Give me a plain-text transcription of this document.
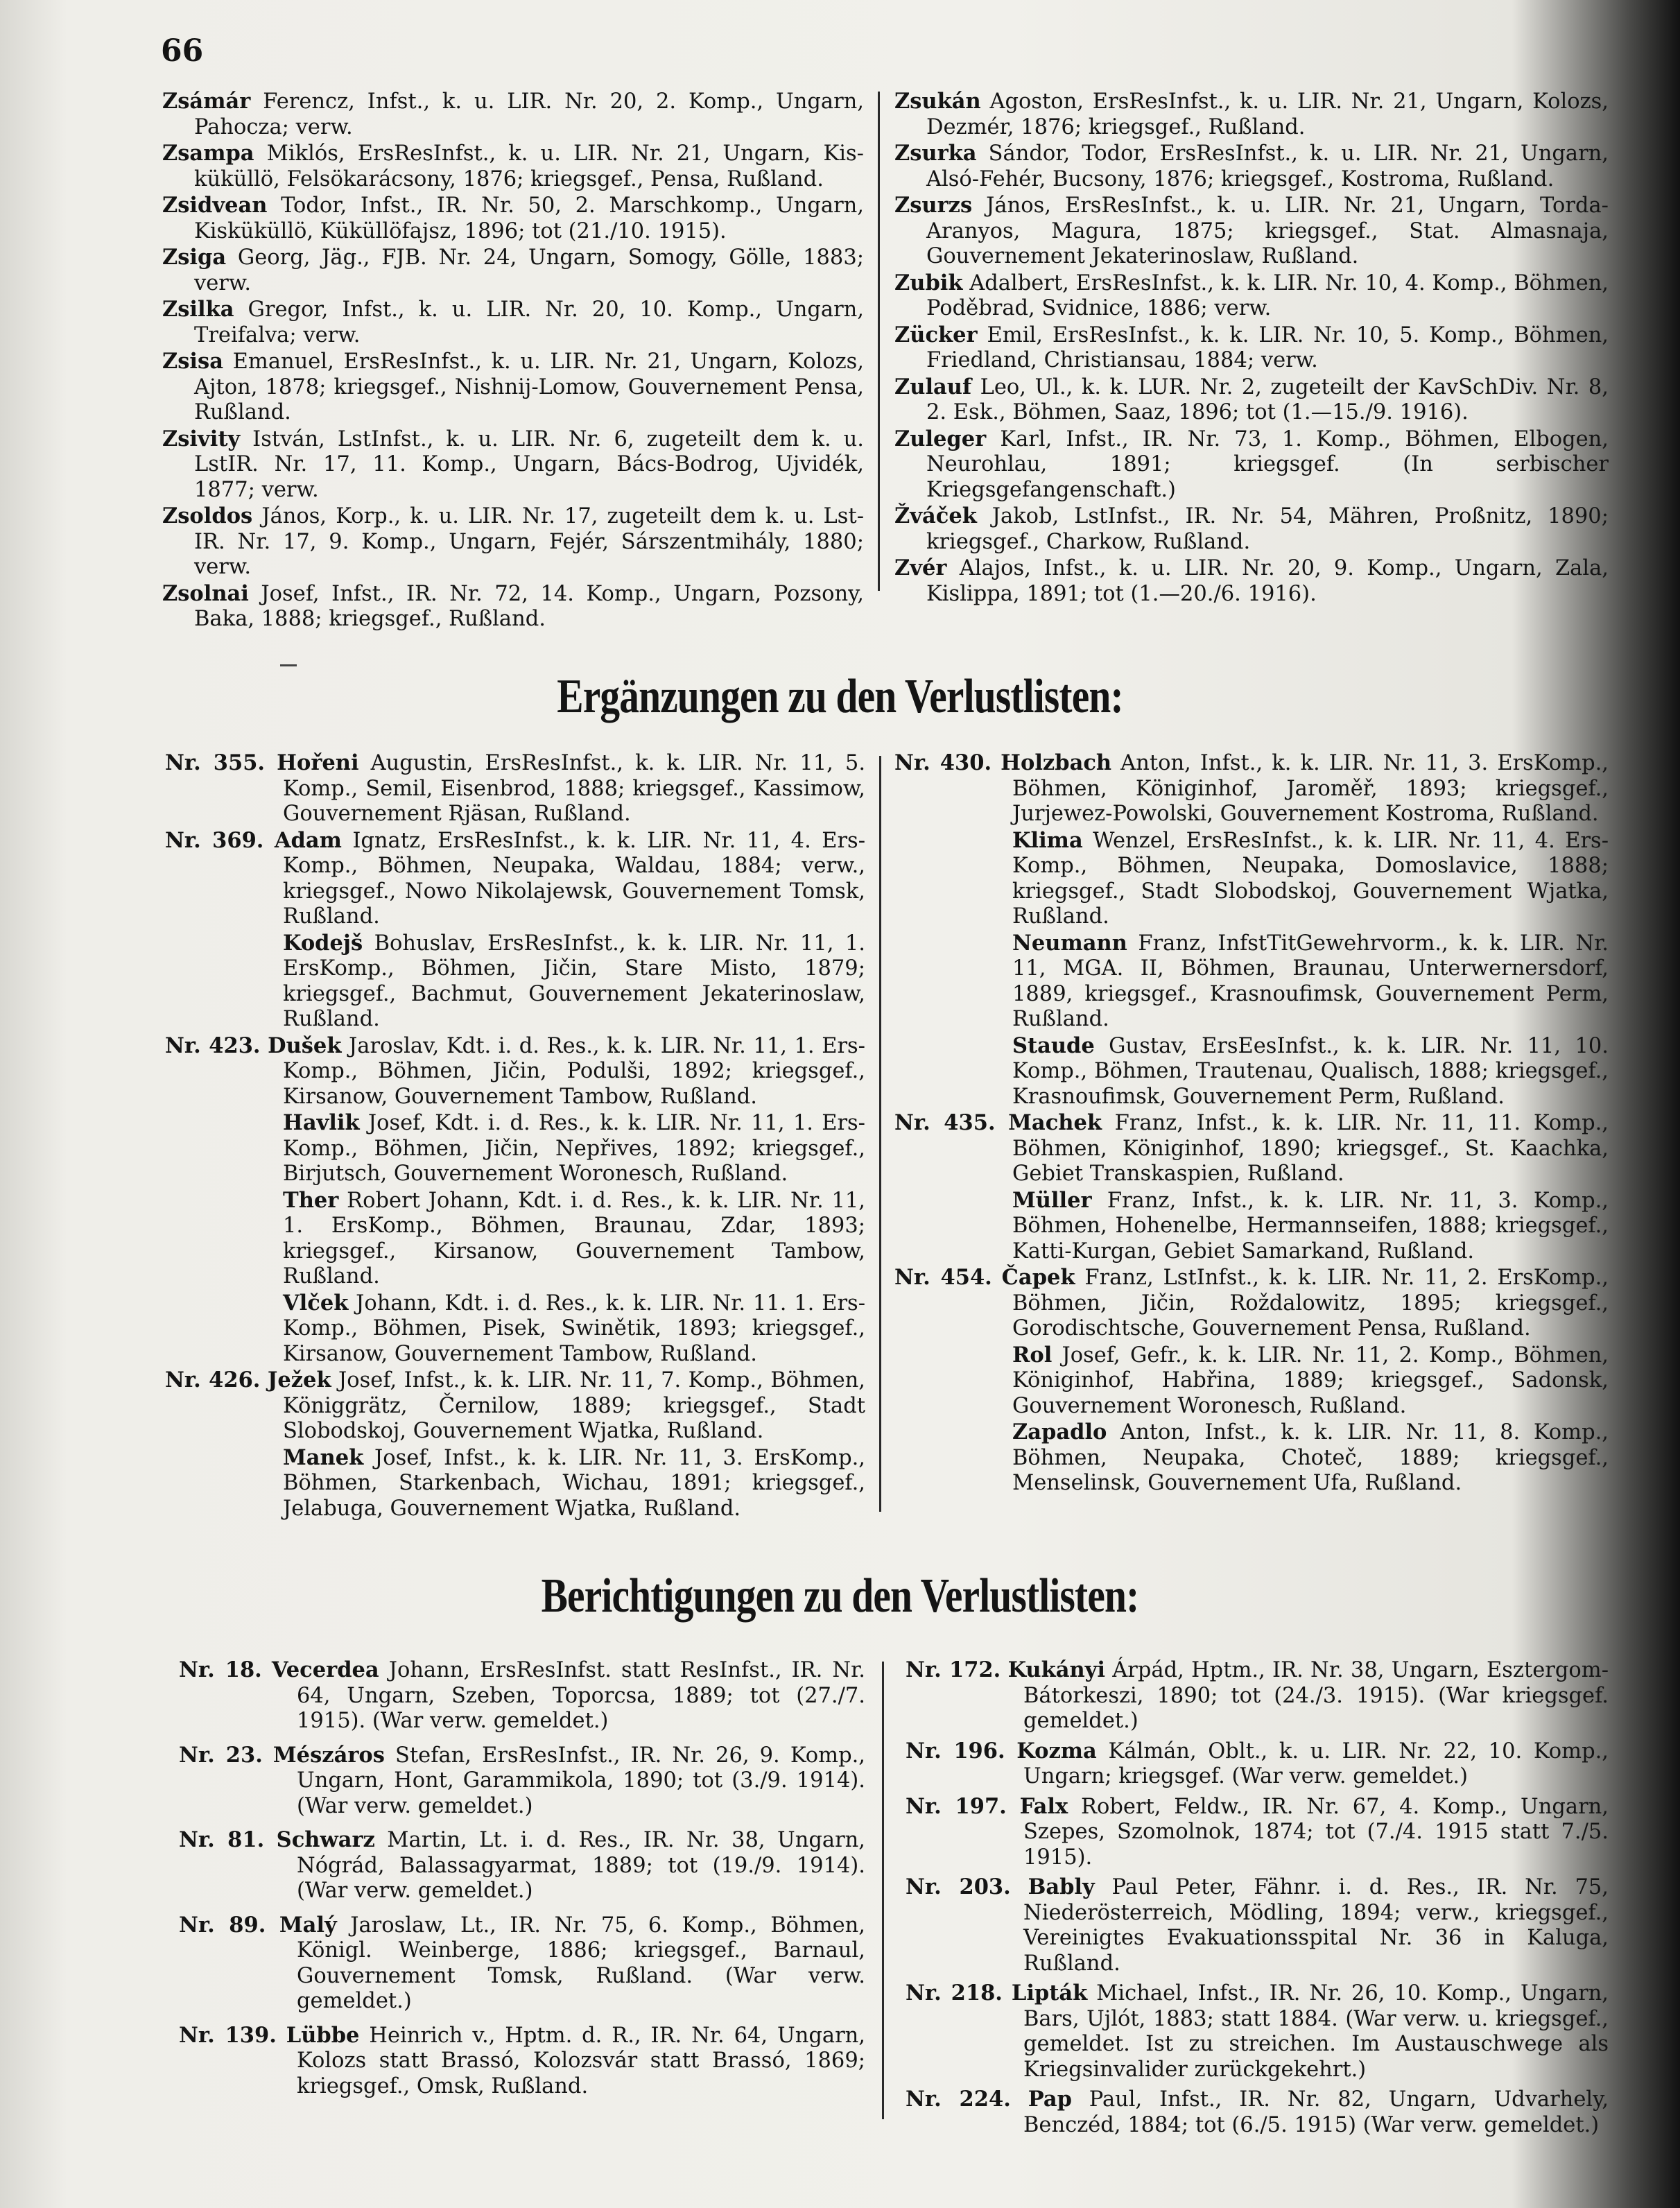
66
Zsámár Ferencz, Infst., k. u. LIR. Nr. 20, 2. Komp., Ungarn, Pahocza; verw.
Zsampa Miklós, ErsResInfst., k. u. LIR. Nr. 21, Ungarn, Kis-küküllö, Felsökarácsony, 1876; kriegsgef., Pensa, Rußland.
Zsidvean Todor, Infst., IR. Nr. 50, 2. Marschkomp., Ungarn, Kisküküllö, Küküllöfajsz, 1896; tot (21./10. 1915).
Zsiga Georg, Jäg., FJB. Nr. 24, Ungarn, Somogy, Gölle, 1883; verw.
Zsilka Gregor, Infst., k. u. LIR. Nr. 20, 10. Komp., Ungarn, Treifalva; verw.
Zsisa Emanuel, ErsResInfst., k. u. LIR. Nr. 21, Ungarn, Kolozs, Ajton, 1878; kriegsgef., Nishnij-Lomow, Gouvernement Pensa, Rußland.
Zsivity István, LstInfst., k. u. LIR. Nr. 6, zugeteilt dem k. u. LstIR. Nr. 17, 11. Komp., Ungarn, Bács-Bodrog, Ujvidék, 1877; verw.
Zsoldos János, Korp., k. u. LIR. Nr. 17, zugeteilt dem k. u. Lst-IR. Nr. 17, 9. Komp., Ungarn, Fejér, Sárszentmihály, 1880; verw.
Zsolnai Josef, Infst., IR. Nr. 72, 14. Komp., Ungarn, Pozsony, Baka, 1888; kriegsgef., Rußland.
Zsukán Agoston, ErsResInfst., k. u. LIR. Nr. 21, Ungarn, Kolozs, Dezmér, 1876; kriegsgef., Rußland.
Zsurka Sándor, Todor, ErsResInfst., k. u. LIR. Nr. 21, Ungarn, Alsó-Fehér, Bucsony, 1876; kriegsgef., Kostroma, Rußland.
Zsurzs János, ErsResInfst., k. u. LIR. Nr. 21, Ungarn, Torda-Aranyos, Magura, 1875; kriegsgef., Stat. Almasnaja, Gouvernement Jekaterinoslaw, Rußland.
Zubik Adalbert, ErsResInfst., k. k. LIR. Nr. 10, 4. Komp., Böhmen, Poděbrad, Svidnice, 1886; verw.
Zücker Emil, ErsResInfst., k. k. LIR. Nr. 10, 5. Komp., Böhmen, Friedland, Christiansau, 1884; verw.
Zulauf Leo, Ul., k. k. LUR. Nr. 2, zugeteilt der KavSchDiv. Nr. 8, 2. Esk., Böhmen, Saaz, 1896; tot (1.—15./9. 1916).
Zuleger Karl, Infst., IR. Nr. 73, 1. Komp., Böhmen, Elbogen, Neurohlau, 1891; kriegsgef. (In serbischer Kriegsgefangenschaft.)
Žváček Jakob, LstInfst., IR. Nr. 54, Mähren, Proßnitz, 1890; kriegsgef., Charkow, Rußland.
Zvér Alajos, Infst., k. u. LIR. Nr. 20, 9. Komp., Ungarn, Zala, Kislippa, 1891; tot (1.—20./6. 1916).
Ergänzungen zu den Verlustlisten:
Nr. 355. Hořeni Augustin, ErsResInfst., k. k. LIR. Nr. 11, 5. Komp., Semil, Eisenbrod, 1888; kriegsgef., Kassimow, Gouvernement Rjäsan, Rußland.
Nr. 369. Adam Ignatz, ErsResInfst., k. k. LIR. Nr. 11, 4. Ers-Komp., Böhmen, Neupaka, Waldau, 1884; verw., kriegsgef., Nowo Nikolajewsk, Gouvernement Tomsk, Rußland.
Kodejš Bohuslav, ErsResInfst., k. k. LIR. Nr. 11, 1. ErsKomp., Böhmen, Jičin, Stare Misto, 1879; kriegsgef., Bachmut, Gouvernement Jekaterinoslaw, Rußland.
Nr. 423. Dušek Jaroslav, Kdt. i. d. Res., k. k. LIR. Nr. 11, 1. Ers-Komp., Böhmen, Jičin, Podulši, 1892; kriegsgef., Kirsanow, Gouvernement Tambow, Rußland.
Havlik Josef, Kdt. i. d. Res., k. k. LIR. Nr. 11, 1. Ers-Komp., Böhmen, Jičin, Nepřives, 1892; kriegsgef., Birjutsch, Gouvernement Woronesch, Rußland.
Ther Robert Johann, Kdt. i. d. Res., k. k. LIR. Nr. 11, 1. ErsKomp., Böhmen, Braunau, Zdar, 1893; kriegsgef., Kirsanow, Gouvernement Tambow, Rußland.
Vlček Johann, Kdt. i. d. Res., k. k. LIR. Nr. 11. 1. Ers-Komp., Böhmen, Pisek, Swinětik, 1893; kriegsgef., Kirsanow, Gouvernement Tambow, Rußland.
Nr. 426. Ježek Josef, Infst., k. k. LIR. Nr. 11, 7. Komp., Böhmen, Königgrätz, Černilow, 1889; kriegsgef., Stadt Slobodskoj, Gouvernement Wjatka, Rußland.
Manek Josef, Infst., k. k. LIR. Nr. 11, 3. ErsKomp., Böhmen, Starkenbach, Wichau, 1891; kriegsgef., Jelabuga, Gouvernement Wjatka, Rußland.
Nr. 430. Holzbach Anton, Infst., k. k. LIR. Nr. 11, 3. ErsKomp., Böhmen, Königinhof, Jaroměř, 1893; kriegsgef., Jurjewez-Powolski, Gouvernement Kostroma, Rußland.
Klima Wenzel, ErsResInfst., k. k. LIR. Nr. 11, 4. Ers-Komp., Böhmen, Neupaka, Domoslavice, 1888; kriegsgef., Stadt Slobodskoj, Gouvernement Wjatka, Rußland.
Neumann Franz, InfstTitGewehrvorm., k. k. LIR. Nr. 11, MGA. II, Böhmen, Braunau, Unterwernersdorf, 1889, kriegsgef., Krasnoufimsk, Gouvernement Perm, Rußland.
Staude Gustav, ErsEesInfst., k. k. LIR. Nr. 11, 10. Komp., Böhmen, Trautenau, Qualisch, 1888; kriegsgef., Krasnoufimsk, Gouvernement Perm, Rußland.
Nr. 435. Machek Franz, Infst., k. k. LIR. Nr. 11, 11. Komp., Böhmen, Königinhof, 1890; kriegsgef., St. Kaachka, Gebiet Transkaspien, Rußland.
Müller Franz, Infst., k. k. LIR. Nr. 11, 3. Komp., Böhmen, Hohenelbe, Hermannseifen, 1888; kriegsgef., Katti-Kurgan, Gebiet Samarkand, Rußland.
Nr. 454. Čapek Franz, LstInfst., k. k. LIR. Nr. 11, 2. ErsKomp., Böhmen, Jičin, Roždalowitz, 1895; kriegsgef., Gorodischtsche, Gouvernement Pensa, Rußland.
Rol Josef, Gefr., k. k. LIR. Nr. 11, 2. Komp., Böhmen, Königinhof, Habřina, 1889; kriegsgef., Sadonsk, Gouvernement Woronesch, Rußland.
Zapadlo Anton, Infst., k. k. LIR. Nr. 11, 8. Komp., Böhmen, Neupaka, Choteč, 1889; kriegsgef., Menselinsk, Gouvernement Ufa, Rußland.
Berichtigungen zu den Verlustlisten:
Nr. 18. Vecerdea Johann, ErsResInfst. statt ResInfst., IR. Nr. 64, Ungarn, Szeben, Toporcsa, 1889; tot (27./7. 1915). (War verw. gemeldet.)
Nr. 23. Mészáros Stefan, ErsResInfst., IR. Nr. 26, 9. Komp., Ungarn, Hont, Garammikola, 1890; tot (3./9. 1914). (War verw. gemeldet.)
Nr. 81. Schwarz Martin, Lt. i. d. Res., IR. Nr. 38, Ungarn, Nógrád, Balassagyarmat, 1889; tot (19./9. 1914). (War verw. gemeldet.)
Nr. 89. Malý Jaroslaw, Lt., IR. Nr. 75, 6. Komp., Böhmen, Königl. Weinberge, 1886; kriegsgef., Barnaul, Gouvernement Tomsk, Rußland. (War verw. gemeldet.)
Nr. 139. Lübbe Heinrich v., Hptm. d. R., IR. Nr. 64, Ungarn, Kolozs statt Brassó, Kolozsvár statt Brassó, 1869; kriegsgef., Omsk, Rußland.
Nr. 172. Kukányi Árpád, Hptm., IR. Nr. 38, Ungarn, Esztergom-Bátorkeszi, 1890; tot (24./3. 1915). (War kriegsgef. gemeldet.)
Nr. 196. Kozma Kálmán, Oblt., k. u. LIR. Nr. 22, 10. Komp., Ungarn; kriegsgef. (War verw. gemeldet.)
Nr. 197. Falx Robert, Feldw., IR. Nr. 67, 4. Komp., Ungarn, Szepes, Szomolnok, 1874; tot (7./4. 1915 statt 7./5. 1915).
Nr. 203. Bably Paul Peter, Fähnr. i. d. Res., IR. Nr. 75, Niederösterreich, Mödling, 1894; verw., kriegsgef., Vereinigtes Evakuationsspital Nr. 36 in Kaluga, Rußland.
Nr. 218. Lipták Michael, Infst., IR. Nr. 26, 10. Komp., Ungarn, Bars, Ujlót, 1883; statt 1884. (War verw. u. kriegsgef., gemeldet. Ist zu streichen. Im Austauschwege als Kriegsinvalider zurückgekehrt.)
Nr. 224. Pap Paul, Infst., IR. Nr. 82, Ungarn, Udvarhely, Benczéd, 1884; tot (6./5. 1915) (War verw. gemeldet.)
